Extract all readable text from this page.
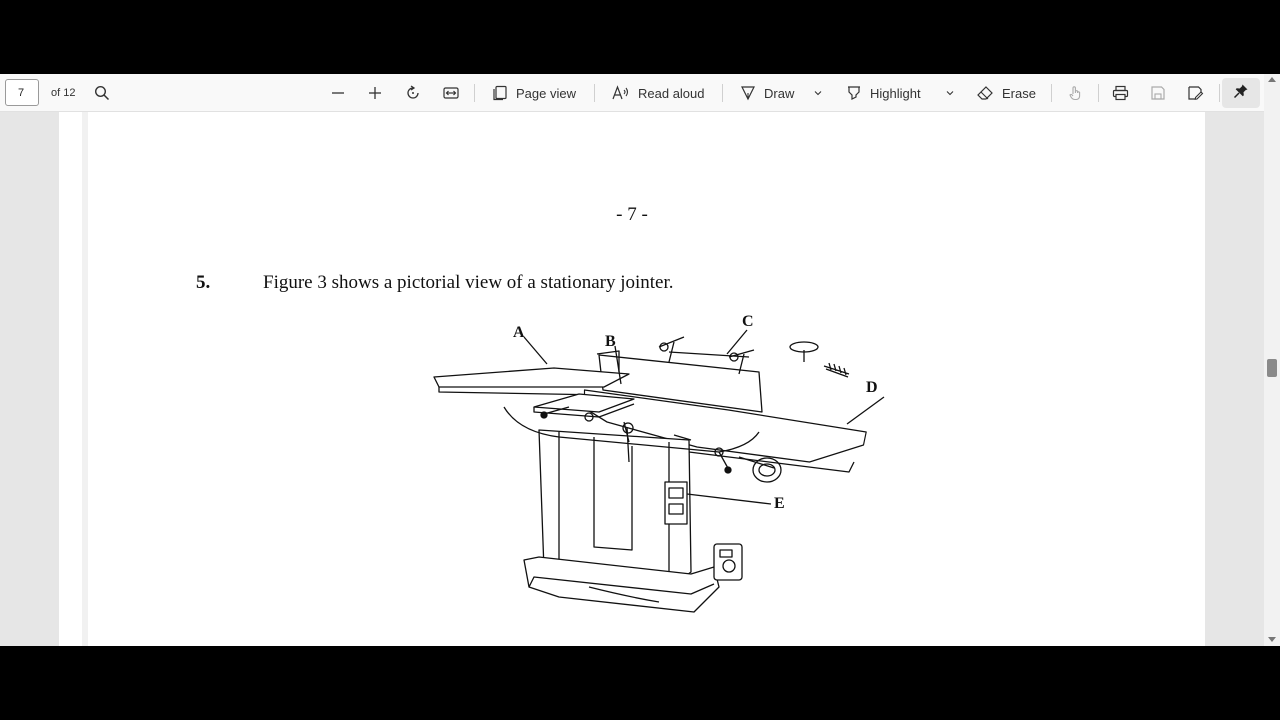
7	of 12	Page view	Read aloud	Draw	Highlight	Erase
- 7 -
5.	Figure 3 shows a pictorial view of a stationary jointer.
A
B
C
D
E
